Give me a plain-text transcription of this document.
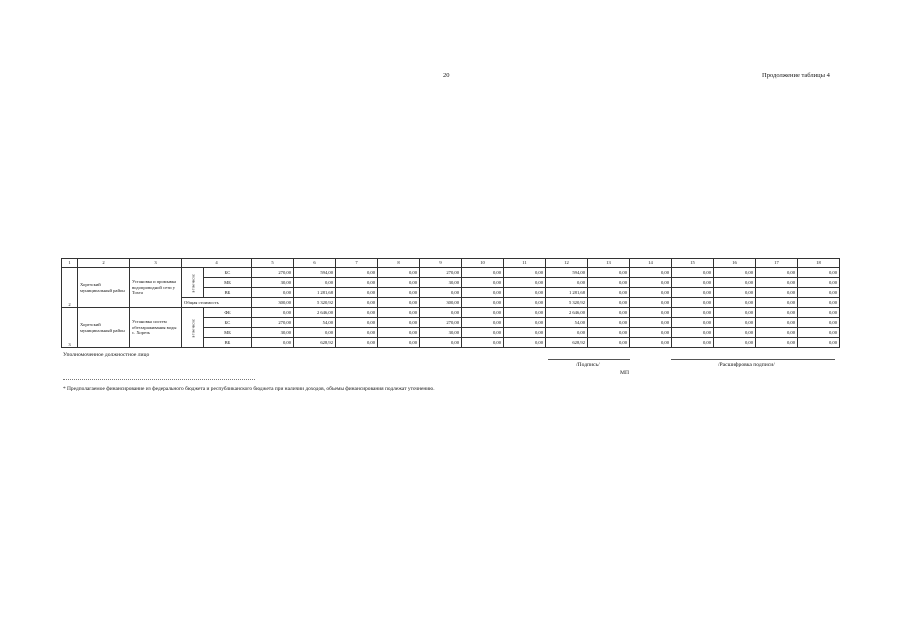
20	Продолжение таблицы 4
1	2	3	4		5	6	7	8	9	10	11	12	13	14	15	16	17	18
2	Хорезский муниципальный район	Установка и промывка водопроводной сети у Тохта	в том числе:	БС	270,00	594,00	0,00	0,00	270,00	0,00	0,00	594,00	0,00	0,00	0,00	0,00	0,00	0,00
				МБ	30,00	0,00	0,00	0,00	30,00	0,00	0,00	0,00	0,00	0,00	0,00	0,00	0,00	0,00
				ВБ	0,00	1 281,68	0,00	0,00	0,00	0,00	0,00	1 281,68	0,00	0,00	0,00	0,00	0,00	0,00
			Общая стоимость		300,00	5 320,92	0,00	0,00	300,00	0,00	0,00	5 320,92	0,00	0,00	0,00	0,00	0,00	0,00
3	Хорезский муниципальный район	Установка систем обеззараживания воды с. Хорезь	в том числе:	ФБ	0,00	2 646,00	0,00	0,00	0,00	0,00	0,00	2 646,00	0,00	0,00	0,00	0,00	0,00	0,00
				БС	270,00	54,00	0,00	0,00	270,00	0,00	0,00	54,00	0,00	0,00	0,00	0,00	0,00	0,00
				МБ	30,00	0,00	0,00	0,00	30,00	0,00	0,00	0,00	0,00	0,00	0,00	0,00	0,00	0,00
				ВБ	0,00	628,92	0,00	0,00	0,00	0,00	0,00	628,92	0,00	0,00	0,00	0,00	0,00	0,00
Уполномоченное должностное лицо
/Подпись/	/Расшифровка подписи/
МП
* Предполагаемое финансирование из федерального бюджета и республиканского бюджета при наличии доходов, объемы финансирования подлежат уточнению.
